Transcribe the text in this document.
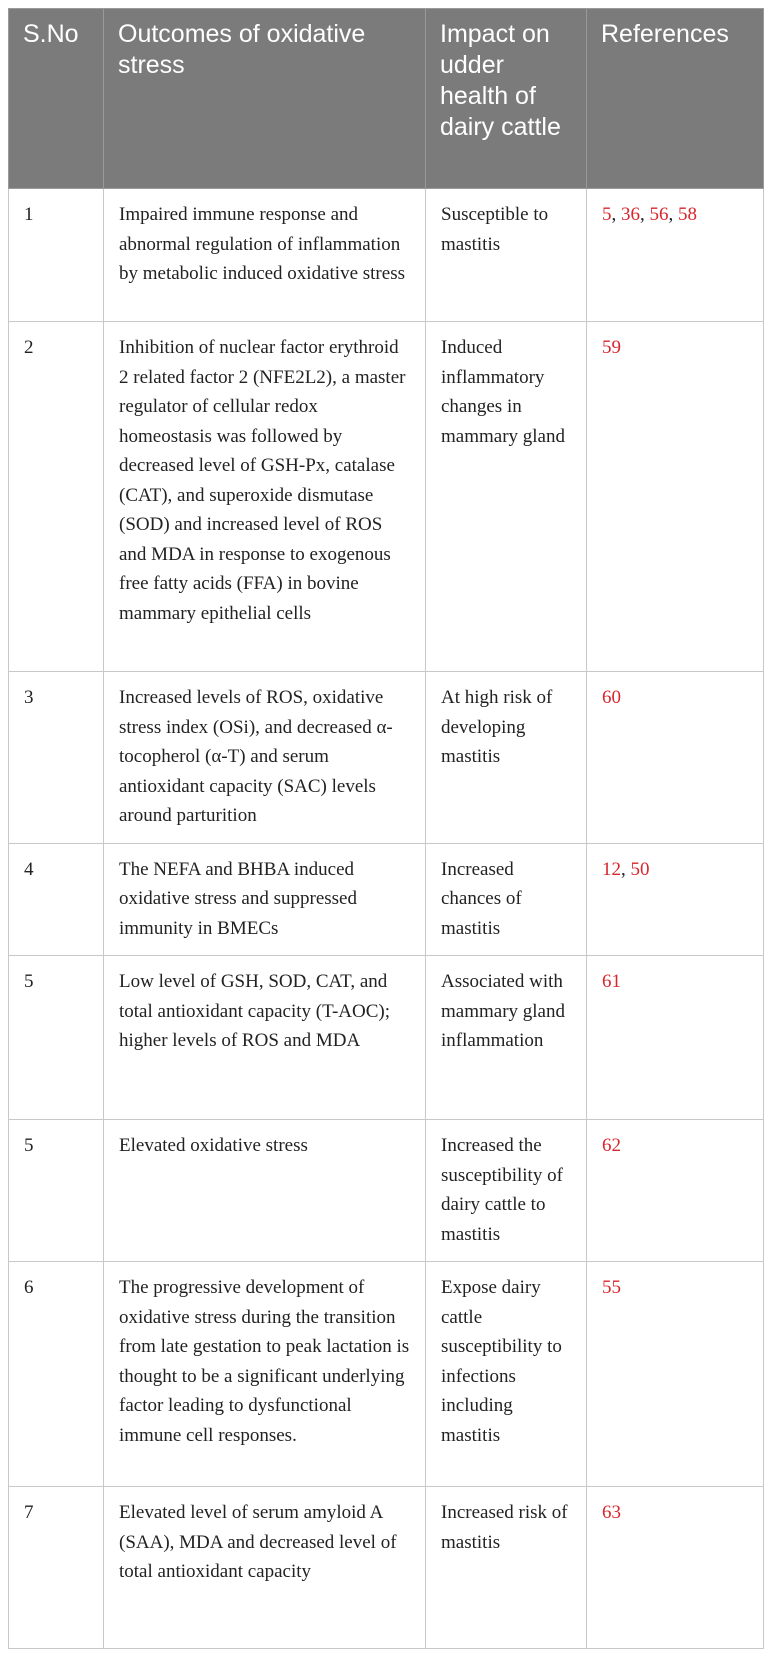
S.No	Outcomes of oxidative stress	Impact on udder health of dairy cattle	References
1	Impaired immune response and abnormal regulation of inflammation by metabolic induced oxidative stress	Susceptible to mastitis	5, 36, 56, 58
2	Inhibition of nuclear factor erythroid 2 related factor 2 (NFE2L2), a master regulator of cellular redox homeostasis was followed by decreased level of GSH-Px, catalase (CAT), and superoxide dismutase (SOD) and increased level of ROS and MDA in response to exogenous free fatty acids (FFA) in bovine mammary epithelial cells	Induced inflammatory changes in mammary gland	59
3	Increased levels of ROS, oxidative stress index (OSi), and decreased α-tocopherol (α-T) and serum antioxidant capacity (SAC) levels around parturition	At high risk of developing mastitis	60
4	The NEFA and BHBA induced oxidative stress and suppressed immunity in BMECs	Increased chances of mastitis	12, 50
5	Low level of GSH, SOD, CAT, and total antioxidant capacity (T-AOC); higher levels of ROS and MDA	Associated with mammary gland inflammation	61
5	Elevated oxidative stress	Increased the susceptibility of dairy cattle to mastitis	62
6	The progressive development of oxidative stress during the transition from late gestation to peak lactation is thought to be a significant underlying factor leading to dysfunctional immune cell responses.	Expose dairy cattle susceptibility to infections including mastitis	55
7	Elevated level of serum amyloid A (SAA), MDA and decreased level of total antioxidant capacity	Increased risk of mastitis	63
